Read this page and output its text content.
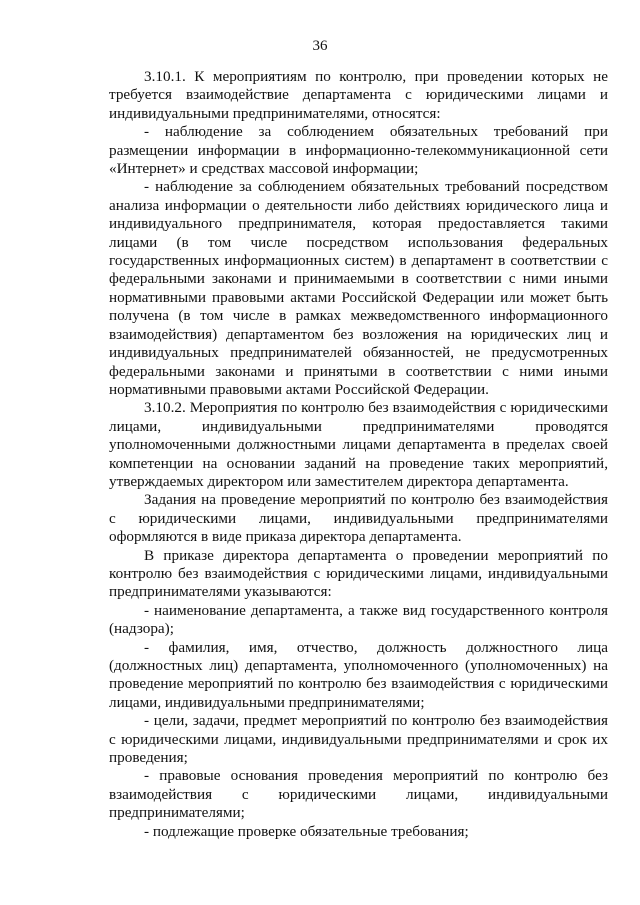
36

3.10.1. К мероприятиям по контролю, при проведении которых не требуется взаимодействие департамента с юридическими лицами и индивидуальными предпринимателями, относятся:

- наблюдение за соблюдением обязательных требований при размещении информации в информационно-телекоммуникационной сети «Интернет» и средствах массовой информации;

- наблюдение за соблюдением обязательных требований посредством анализа информации о деятельности либо действиях юридического лица и индивидуального предпринимателя, которая предоставляется такими лицами (в том числе посредством использования федеральных государственных информационных систем) в департамент в соответствии с федеральными законами и принимаемыми в соответствии с ними иными нормативными правовыми актами Российской Федерации или может быть получена (в том числе в рамках межведомственного информационного взаимодействия) департаментом без возложения на юридических лиц и индивидуальных предпринимателей обязанностей, не предусмотренных федеральными законами и принятыми в соответствии с ними иными нормативными правовыми актами Российской Федерации.

3.10.2. Мероприятия по контролю без взаимодействия с юридическими лицами, индивидуальными предпринимателями проводятся уполномоченными должностными лицами департамента в пределах своей компетенции на основании заданий на проведение таких мероприятий, утверждаемых директором или заместителем директора департамента.

Задания на проведение мероприятий по контролю без взаимодействия с юридическими лицами, индивидуальными предпринимателями оформляются в виде приказа директора департамента.

В приказе директора департамента о проведении мероприятий по контролю без взаимодействия с юридическими лицами, индивидуальными предпринимателями указываются:

- наименование департамента, а также вид государственного контроля (надзора);

- фамилия, имя, отчество, должность должностного лица (должностных лиц) департамента, уполномоченного (уполномоченных) на проведение мероприятий по контролю без взаимодействия с юридическими лицами, индивидуальными предпринимателями;

- цели, задачи, предмет мероприятий по контролю без взаимодействия с юридическими лицами, индивидуальными предпринимателями и срок их проведения;

- правовые основания проведения мероприятий по контролю без взаимодействия с юридическими лицами, индивидуальными предпринимателями;

- подлежащие проверке обязательные требования;
